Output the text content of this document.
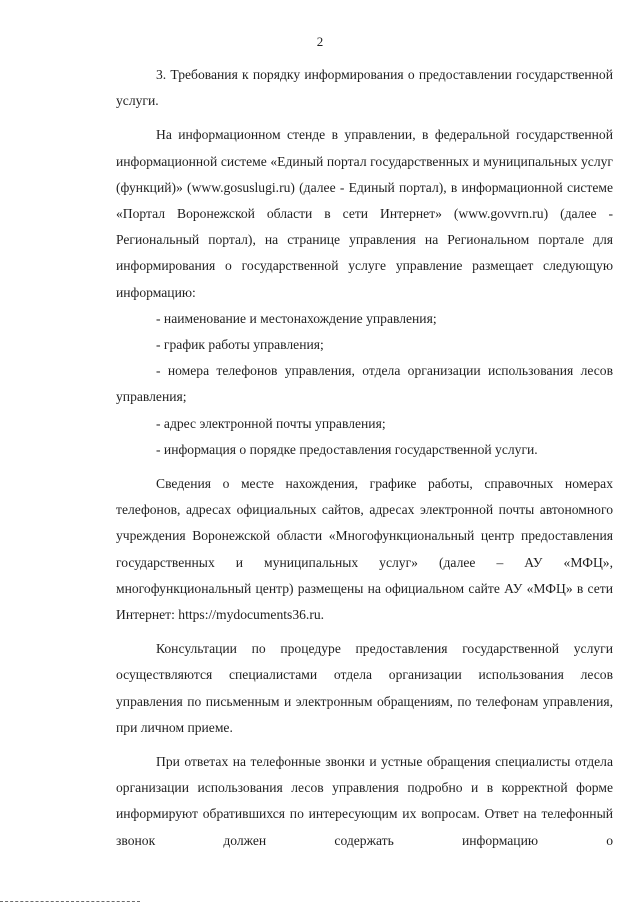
2

3. Требования к порядку информирования о предоставлении государственной услуги.

На информационном стенде в управлении, в федеральной государственной информационной системе «Единый портал государственных и муниципальных услуг (функций)» (www.gosuslugi.ru) (далее - Единый портал), в информационной системе «Портал Воронежской области в сети Интернет» (www.govvrn.ru) (далее - Региональный портал), на странице управления на Региональном портале для информирования о государственной услуге управление размещает следующую информацию:

- наименование и местонахождение управления;

- график работы управления;

- номера телефонов управления, отдела организации использования лесов управления;

- адрес электронной почты управления;

- информация о порядке предоставления государственной услуги.

Сведения о месте нахождения, графике работы, справочных номерах телефонов, адресах официальных сайтов, адресах электронной почты автономного учреждения Воронежской области «Многофункциональный центр предоставления государственных и муниципальных услуг» (далее – АУ «МФЦ», многофункциональный центр) размещены на официальном сайте АУ «МФЦ» в сети Интернет: https://mydocuments36.ru.

Консультации по процедуре предоставления государственной услуги осуществляются специалистами отдела организации использования лесов управления по письменным и электронным обращениям, по телефонам управления, при личном приеме.

При ответах на телефонные звонки и устные обращения специалисты отдела организации использования лесов управления подробно и в корректной форме информируют обратившихся по интересующим их вопросам. Ответ на телефонный звонок должен содержать информацию о
